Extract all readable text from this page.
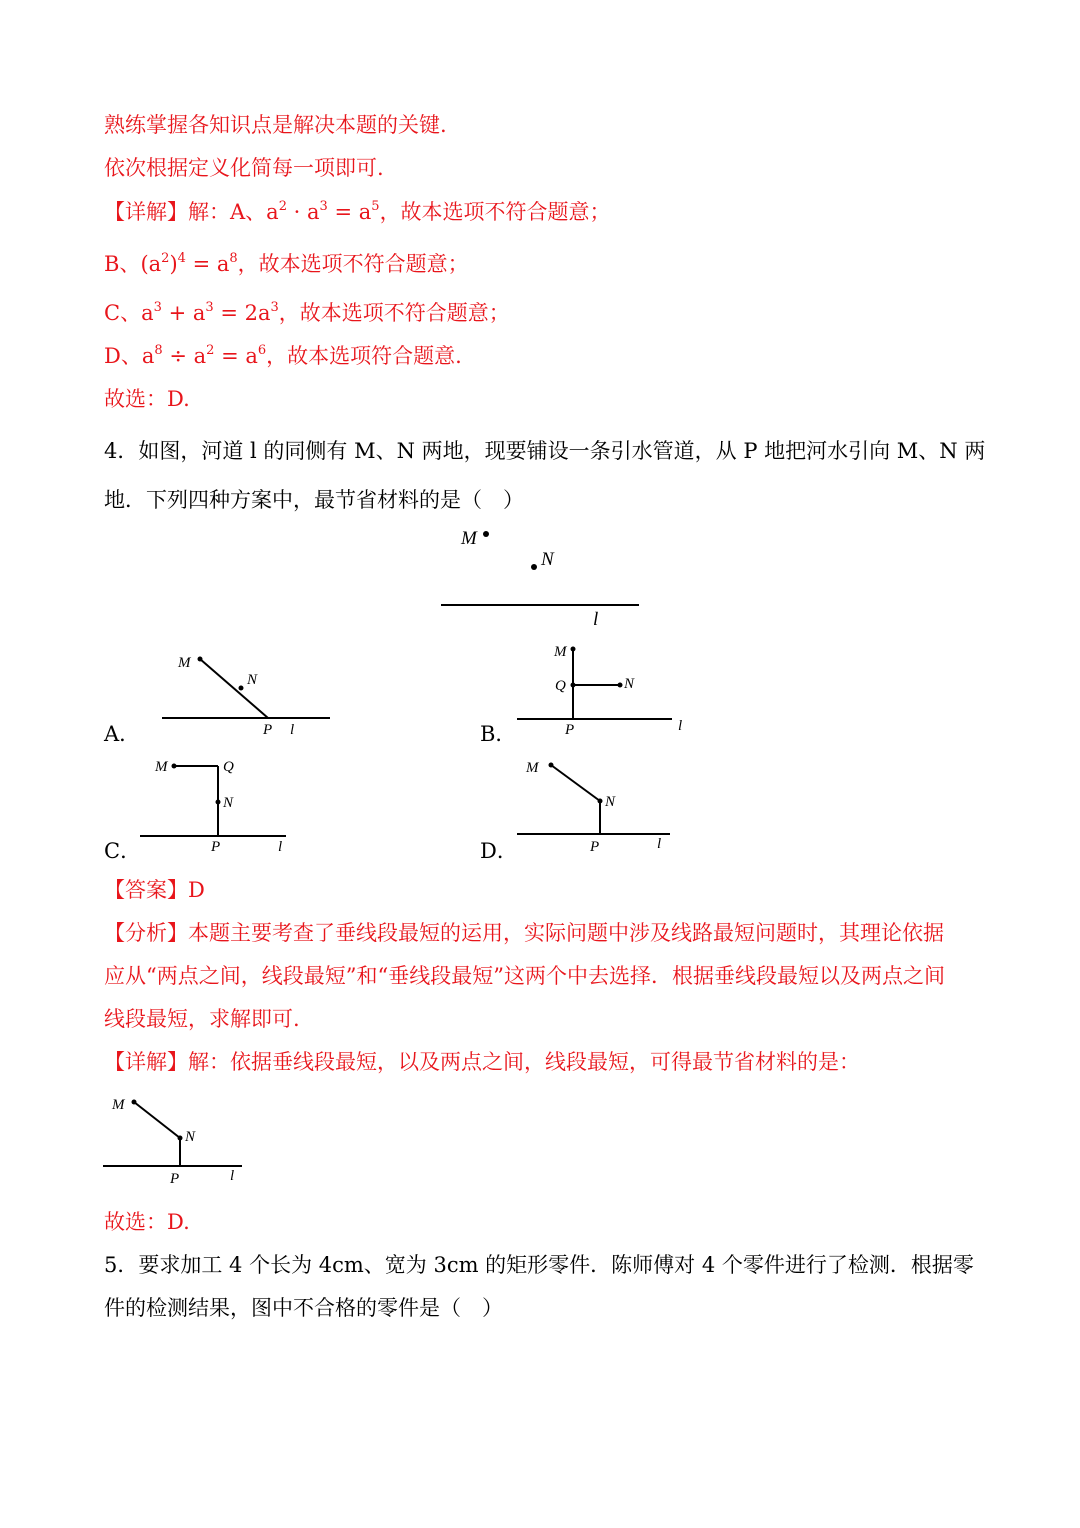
熟练掌握各知识点是解决本题的关键.
依次根据定义化简每一项即可.
【详解】解：A、$a^2 \cdot a^3 = a^5$，故本选项不符合题意；
B、$(a^2)^4 = a^8$，故本选项不符合题意；
C、$a^3 + a^3 = 2a^3$，故本选项不符合题意；
D、$a^8 \div a^2 = a^6$，故本选项符合题意.
故选：D.
4．如图，河道 l 的同侧有 M、N 两地，现要铺设一条引水管道，从 P 地把河水引向 M、N 两
地．下列四种方案中，最节省材料的是（　）
M
N
l
M
N
P l
A．
M
Q	N
P	l
B．
M	Q
N
P	l
C．
M
N
P	l
D．
【答案】D
【分析】本题主要考查了垂线段最短的运用，实际问题中涉及线路最短问题时，其理论依据
应从“两点之间，线段最短”和“垂线段最短”这两个中去选择．根据垂线段最短以及两点之间
线段最短，求解即可.
【详解】解：依据垂线段最短，以及两点之间，线段最短，可得最节省材料的是：
M
N
P	l
故选：D.
5．要求加工 4 个长为 4cm、宽为 3cm 的矩形零件．陈师傅对 4 个零件进行了检测．根据零
件的检测结果，图中不合格的零件是（　）
